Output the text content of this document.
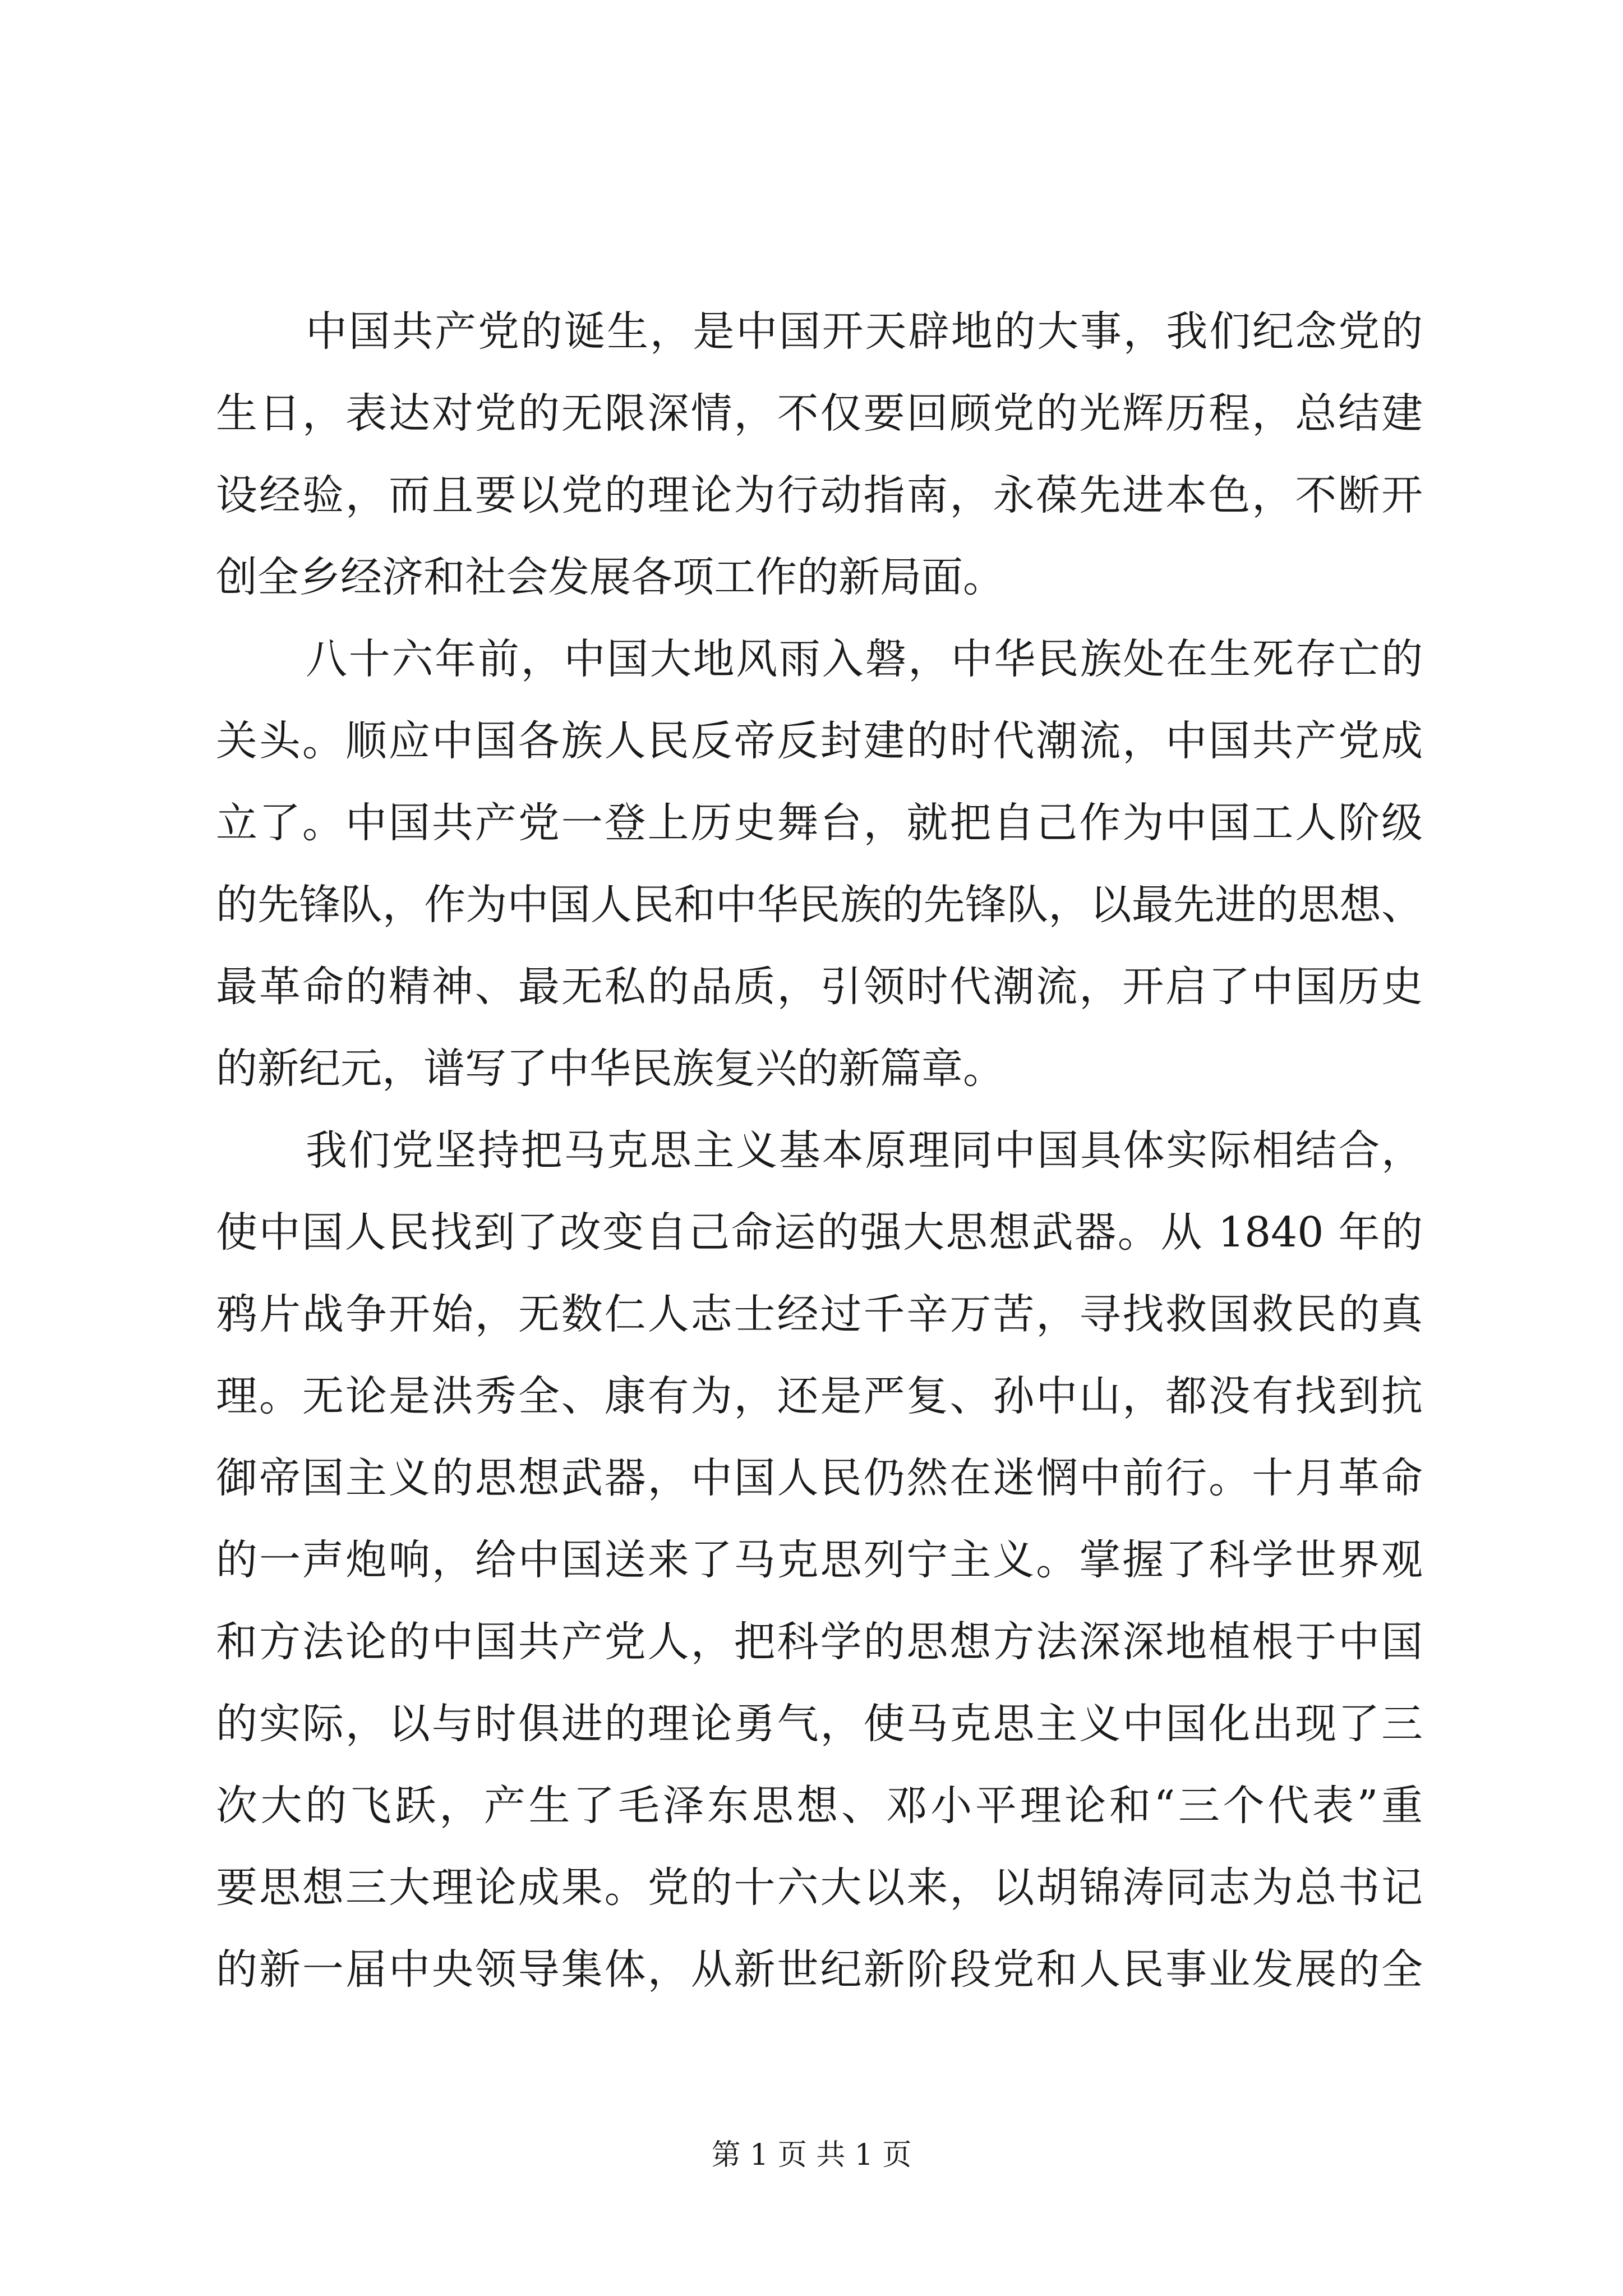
中国共产党的诞生，是中国开天辟地的大事，我们纪念党的
生日，表达对党的无限深情，不仅要回顾党的光辉历程，总结建
设经验，而且要以党的理论为行动指南，永葆先进本色，不断开
创全乡经济和社会发展各项工作的新局面。
八十六年前，中国大地风雨入磐，中华民族处在生死存亡的
关头。顺应中国各族人民反帝反封建的时代潮流，中国共产党成
立了。中国共产党一登上历史舞台，就把自己作为中国工人阶级
的先锋队，作为中国人民和中华民族的先锋队，以最先进的思想、
最革命的精神、最无私的品质，引领时代潮流，开启了中国历史
的新纪元，谱写了中华民族复兴的新篇章。
我们党坚持把马克思主义基本原理同中国具体实际相结合，
使中国人民找到了改变自己命运的强大思想武器。从 1840 年的
鸦片战争开始，无数仁人志士经过千辛万苦，寻找救国救民的真
理。无论是洪秀全、康有为，还是严复、孙中山，都没有找到抗
御帝国主义的思想武器，中国人民仍然在迷惘中前行。十月革命
的一声炮响，给中国送来了马克思列宁主义。掌握了科学世界观
和方法论的中国共产党人，把科学的思想方法深深地植根于中国
的实际，以与时俱进的理论勇气，使马克思主义中国化出现了三
次大的飞跃，产生了毛泽东思想、邓小平理论和“三个代表”重
要思想三大理论成果。党的十六大以来，以胡锦涛同志为总书记
的新一届中央领导集体，从新世纪新阶段党和人民事业发展的全
第 1 页 共 1 页
